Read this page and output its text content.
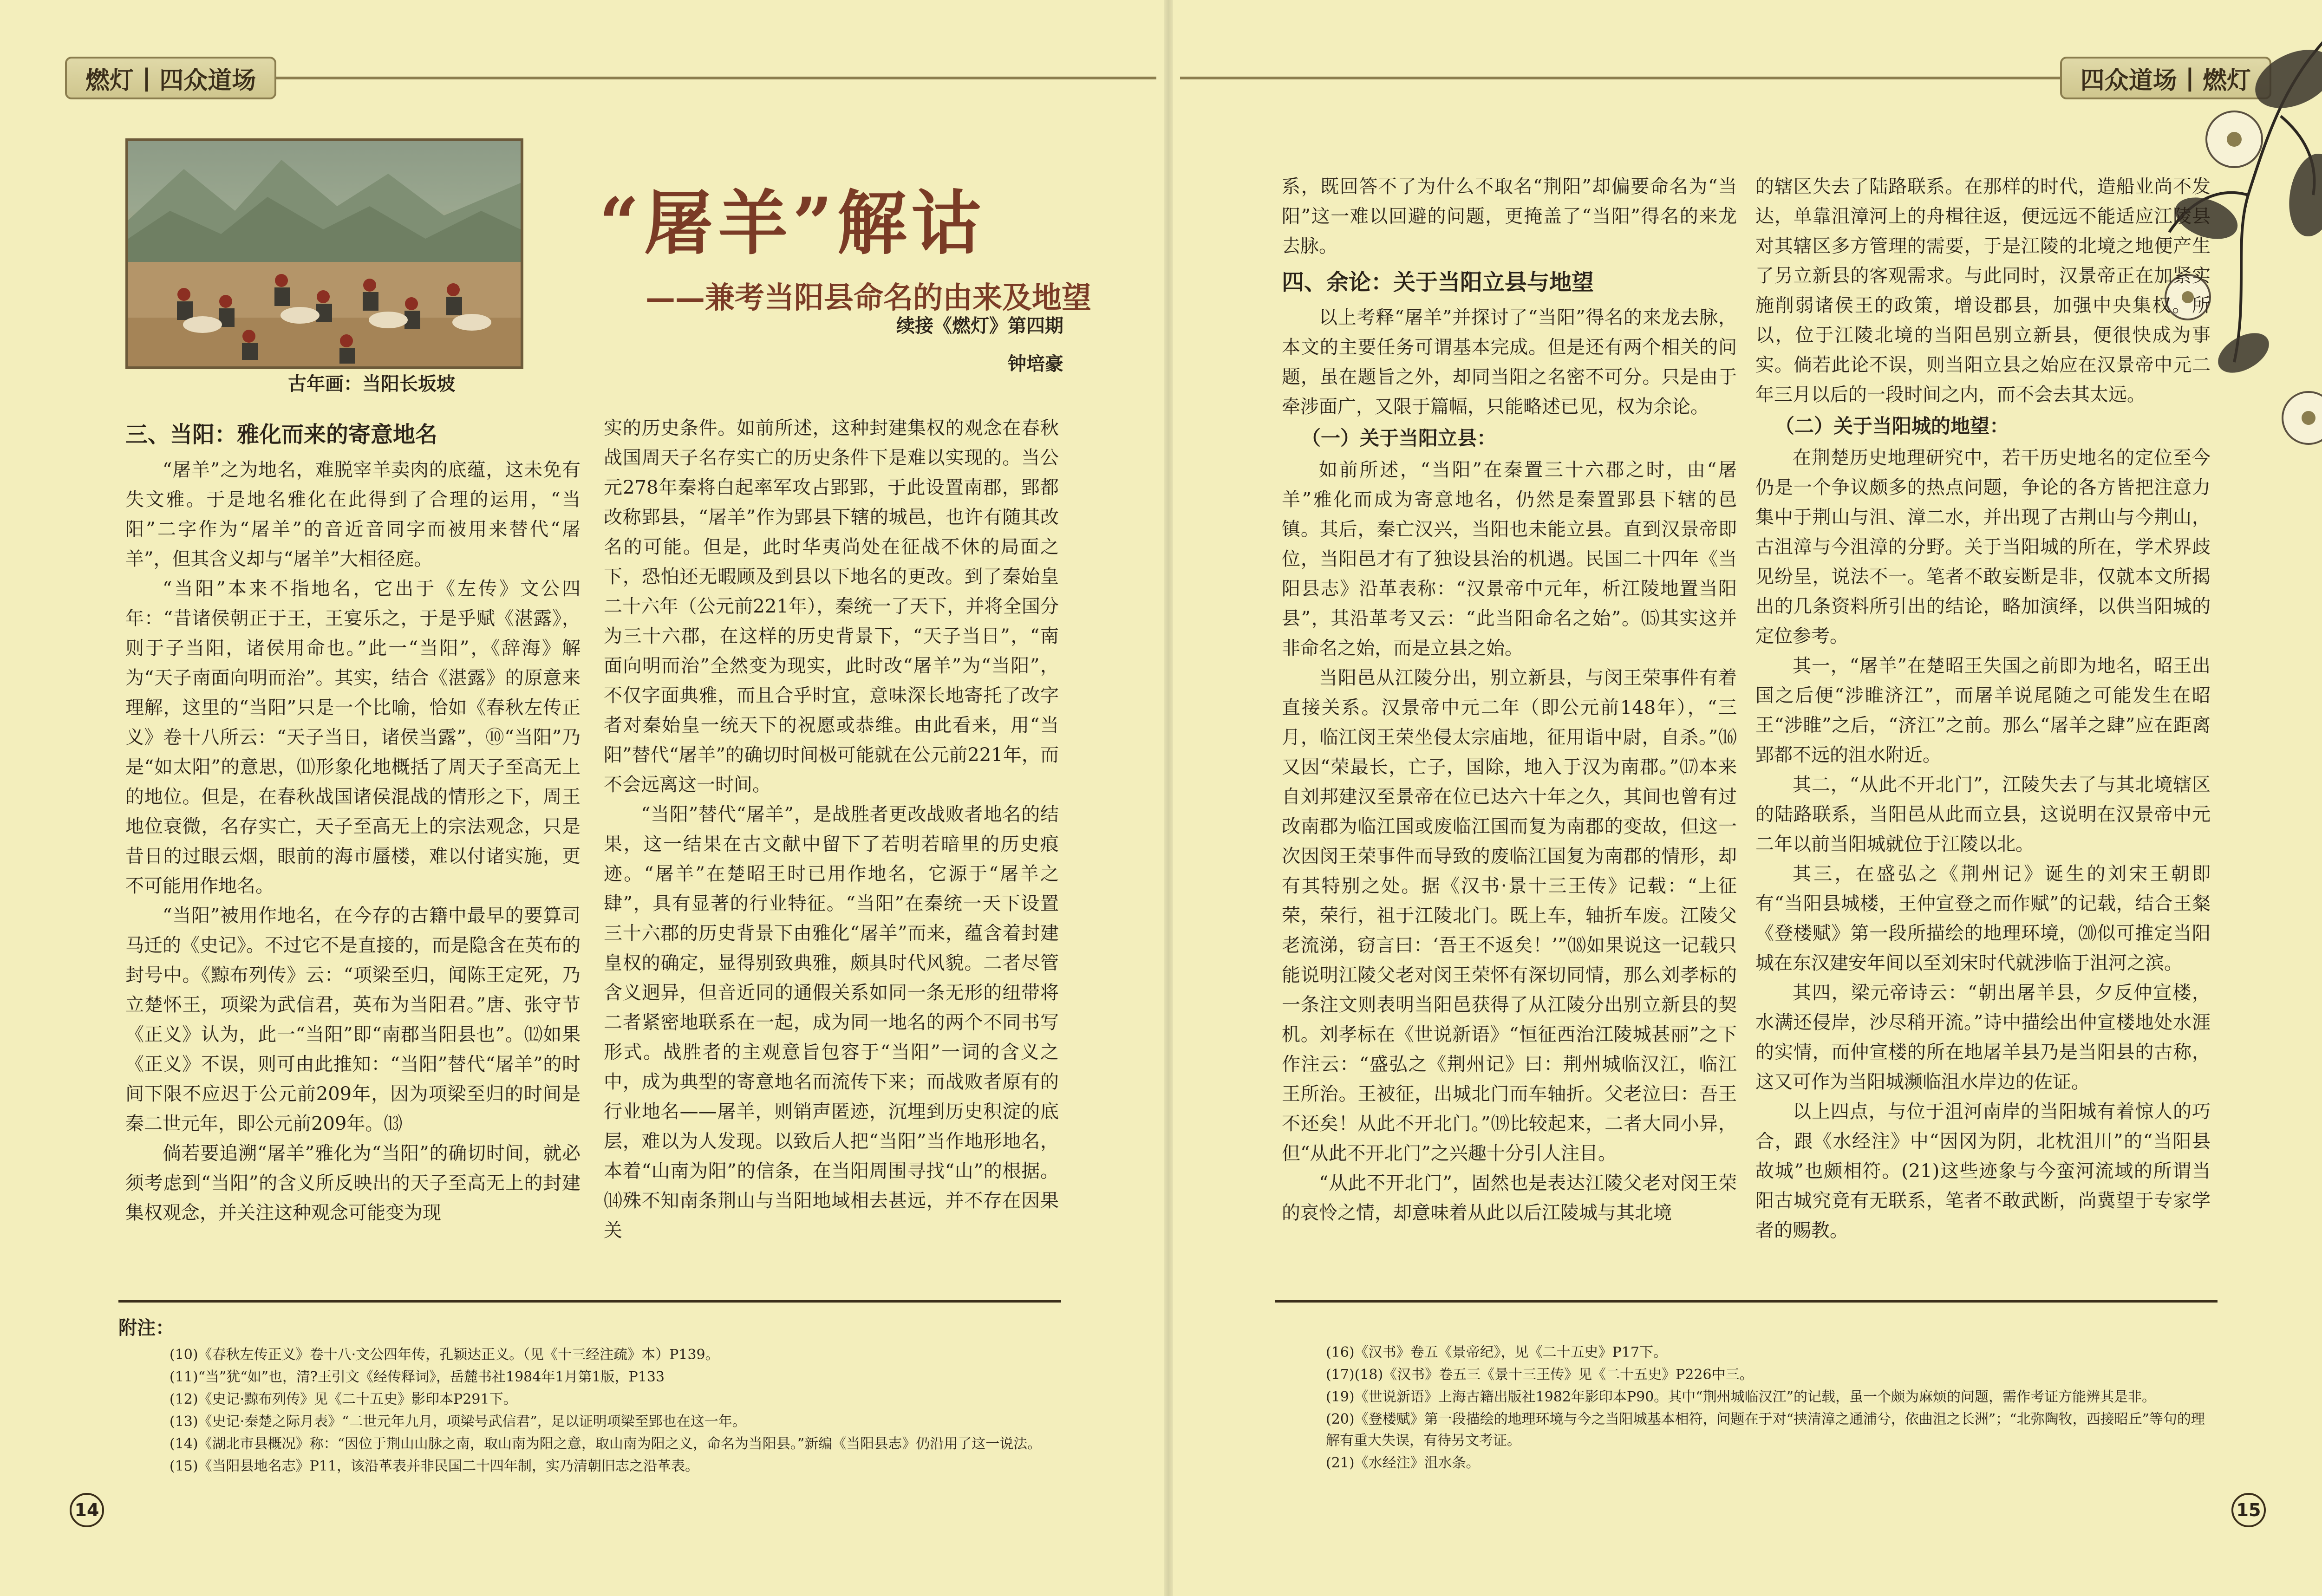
燃灯 | 四众道场
古年画：当阳长坂坡
“屠羊”解诂
——兼考当阳县命名的由来及地望
续接《燃灯》第四期
钟培豪

三、当阳：雅化而来的寄意地名

“屠羊”之为地名，难脱宰羊卖肉的底蕴，这未免有失文雅。于是地名雅化在此得到了合理的运用，“当阳”二字作为“屠羊”的音近音同字而被用来替代“屠羊”，但其含义却与“屠羊”大相径庭。

“当阳”本来不指地名，它出于《左传》文公四年：“昔诸侯朝正于王，王宴乐之，于是乎赋《湛露》，则于子当阳，诸侯用命也。”此一“当阳”，《辞海》解为“天子南面向明而治”。其实，结合《湛露》的原意来理解，这里的“当阳”只是一个比喻，恰如《春秋左传正义》卷十八所云：“天子当日，诸侯当露”，⑩“当阳”乃是“如太阳”的意思，⑾形象化地概括了周天子至高无上的地位。但是，在春秋战国诸侯混战的情形之下，周王地位衰微，名存实亡，天子至高无上的宗法观念，只是昔日的过眼云烟，眼前的海市蜃楼，难以付诸实施，更不可能用作地名。

“当阳”被用作地名，在今存的古籍中最早的要算司马迁的《史记》。不过它不是直接的，而是隐含在英布的封号中。《黥布列传》云：“项梁至归，闻陈王定死，乃立楚怀王，项梁为武信君，英布为当阳君。”唐、张守节《正义》认为，此一“当阳”即“南郡当阳县也”。⑿如果《正义》不误，则可由此推知：“当阳”替代“屠羊”的时间下限不应迟于公元前209年，因为项梁至归的时间是秦二世元年，即公元前209年。⒀

倘若要追溯“屠羊”雅化为“当阳”的确切时间，就必须考虑到“当阳”的含义所反映出的天子至高无上的封建集权观念，并关注这种观念可能变为现

实的历史条件。如前所述，这种封建集权的观念在春秋战国周天子名存实亡的历史条件下是难以实现的。当公元278年秦将白起率军攻占郢郢，于此设置南郡，郢都改称郢县，“屠羊”作为郢县下辖的城邑，也许有随其改名的可能。但是，此时华夷尚处在征战不休的局面之下，恐怕还无暇顾及到县以下地名的更改。到了秦始皇二十六年（公元前221年），秦统一了天下，并将全国分为三十六郡，在这样的历史背景下，“天子当日”，“南面向明而治”全然变为现实，此时改“屠羊”为“当阳”，不仅字面典雅，而且合乎时宜，意味深长地寄托了改字者对秦始皇一统天下的祝愿或恭维。由此看来，用“当阳”替代“屠羊”的确切时间极可能就在公元前221年，而不会远离这一时间。

“当阳”替代“屠羊”，是战胜者更改战败者地名的结果，这一结果在古文献中留下了若明若暗里的历史痕迹。“屠羊”在楚昭王时已用作地名，它源于“屠羊之肆”，具有显著的行业特征。“当阳”在秦统一天下设置三十六郡的历史背景下由雅化“屠羊”而来，蕴含着封建皇权的确定，显得别致典雅，颇具时代风貌。二者尽管含义迥异，但音近同的通假关系如同一条无形的纽带将二者紧密地联系在一起，成为同一地名的两个不同书写形式。战胜者的主观意旨包容于“当阳”一词的含义之中，成为典型的寄意地名而流传下来；而战败者原有的行业地名——屠羊，则销声匿迹，沉埋到历史积淀的底层，难以为人发现。以致后人把“当阳”当作地形地名，本着“山南为阳”的信条，在当阳周围寻找“山”的根据。⒁殊不知南条荆山与当阳地域相去甚远，并不存在因果关

附注：

(10)《春秋左传正义》卷十八·文公四年传，孔颖达正义。（见《十三经注疏》本）P139。

(11)“当”犹“如”也，清?王引文《经传释词》，岳麓书社1984年1月第1版，P133

(12)《史记·黥布列传》见《二十五史》影印本P291下。

(13)《史记·秦楚之际月表》“二世元年九月，项梁号武信君”，足以证明项梁至郢也在这一年。

(14)《湖北市县概况》称：“因位于荆山山脉之南，取山南为阳之意，取山南为阳之义，命名为当阳县。”新编《当阳县志》仍沿用了这一说法。

(15)《当阳县地名志》P11，该沿革表并非民国二十四年制，实乃清朝旧志之沿革表。

14
四众道场 | 燃灯

系，既回答不了为什么不取名“荆阳”却偏要命名为“当阳”这一难以回避的问题，更掩盖了“当阳”得名的来龙去脉。

四、余论：关于当阳立县与地望

以上考释“屠羊”并探讨了“当阳”得名的来龙去脉，本文的主要任务可谓基本完成。但是还有两个相关的问题，虽在题旨之外，却同当阳之名密不可分。只是由于牵涉面广，又限于篇幅，只能略述已见，权为余论。

（一）关于当阳立县：

如前所述，“当阳”在秦置三十六郡之时，由“屠羊”雅化而成为寄意地名，仍然是秦置郢县下辖的邑镇。其后，秦亡汉兴，当阳也未能立县。直到汉景帝即位，当阳邑才有了独设县治的机遇。民国二十四年《当阳县志》沿革表称：“汉景帝中元年，析江陵地置当阳县”，其沿革考又云：“此当阳命名之始”。⒂其实这并非命名之始，而是立县之始。

当阳邑从江陵分出，别立新县，与闵王荣事件有着直接关系。汉景帝中元二年（即公元前148年），“三月，临江闵王荣坐侵太宗庙地，征用诣中尉，自杀。”⒃又因“荣最长，亡子，国除，地入于汉为南郡。”⒄本来自刘邦建汉至景帝在位已达六十年之久，其间也曾有过改南郡为临江国或废临江国而复为南郡的变故，但这一次因闵王荣事件而导致的废临江国复为南郡的情形，却有其特别之处。据《汉书·景十三王传》记载：“上征荣，荣行，祖于江陵北门。既上车，轴折车废。江陵父老流涕，窃言曰：‘吾王不返矣！’”⒅如果说这一记载只能说明江陵父老对闵王荣怀有深切同情，那么刘孝标的一条注文则表明当阳邑获得了从江陵分出别立新县的契机。刘孝标在《世说新语》“恒征西治江陵城甚丽”之下作注云：“盛弘之《荆州记》曰：荆州城临汉江，临江王所治。王被征，出城北门而车轴折。父老泣曰：吾王不还矣！从此不开北门。”⒆比较起来，二者大同小异，但“从此不开北门”之兴趣十分引人注目。

“从此不开北门”，固然也是表达江陵父老对闵王荣的哀怜之情，却意味着从此以后江陵城与其北境

的辖区失去了陆路联系。在那样的时代，造船业尚不发达，单靠沮漳河上的舟楫往返，便远远不能适应江陵县对其辖区多方管理的需要，于是江陵的北境之地便产生了另立新县的客观需求。与此同时，汉景帝正在加紧实施削弱诸侯王的政策，增设郡县，加强中央集权。所以，位于江陵北境的当阳邑别立新县，便很快成为事实。倘若此论不误，则当阳立县之始应在汉景帝中元二年三月以后的一段时间之内，而不会去其太远。

（二）关于当阳城的地望：

在荆楚历史地理研究中，若干历史地名的定位至今仍是一个争议颇多的热点问题，争论的各方皆把注意力集中于荆山与沮、漳二水，并出现了古荆山与今荆山，古沮漳与今沮漳的分野。关于当阳城的所在，学术界歧见纷呈，说法不一。笔者不敢妄断是非，仅就本文所揭出的几条资料所引出的结论，略加演绎，以供当阳城的定位参考。

其一，“屠羊”在楚昭王失国之前即为地名，昭王出国之后便“涉睢济江”，而屠羊说尾随之可能发生在昭王“涉睢”之后，“济江”之前。那么“屠羊之肆”应在距离郢都不远的沮水附近。

其二，“从此不开北门”，江陵失去了与其北境辖区的陆路联系，当阳邑从此而立县，这说明在汉景帝中元二年以前当阳城就位于江陵以北。

其三，在盛弘之《荆州记》诞生的刘宋王朝即有“当阳县城楼，王仲宣登之而作赋”的记载，结合王粲《登楼赋》第一段所描绘的地理环境，⒇似可推定当阳城在东汉建安年间以至刘宋时代就涉临于沮河之滨。

其四，梁元帝诗云：“朝出屠羊县，夕反仲宣楼，水满还侵岸，沙尽稍开流。”诗中描绘出仲宣楼地处水涯的实情，而仲宣楼的所在地屠羊县乃是当阳县的古称，这又可作为当阳城濒临沮水岸边的佐证。

以上四点，与位于沮河南岸的当阳城有着惊人的巧合，跟《水经注》中“因冈为阴，北枕沮川”的“当阳县故城”也颇相符。(21)这些迹象与今蛮河流域的所谓当阳古城究竟有无联系，笔者不敢武断，尚冀望于专家学者的赐教。

(16)《汉书》卷五《景帝纪》，见《二十五史》P17下。

(17)(18)《汉书》卷五三《景十三王传》见《二十五史》P226中三。

(19)《世说新语》上海古籍出版社1982年影印本P90。其中“荆州城临汉江”的记载，虽一个颇为麻烦的问题，需作考证方能辨其是非。

(20)《登楼赋》第一段描绘的地理环境与今之当阳城基本相符，问题在于对“挟清漳之通浦兮，依曲沮之长洲”；“北弥陶牧，西接昭丘”等句的理解有重大失误，有待另文考证。

(21)《水经注》沮水条。

15
